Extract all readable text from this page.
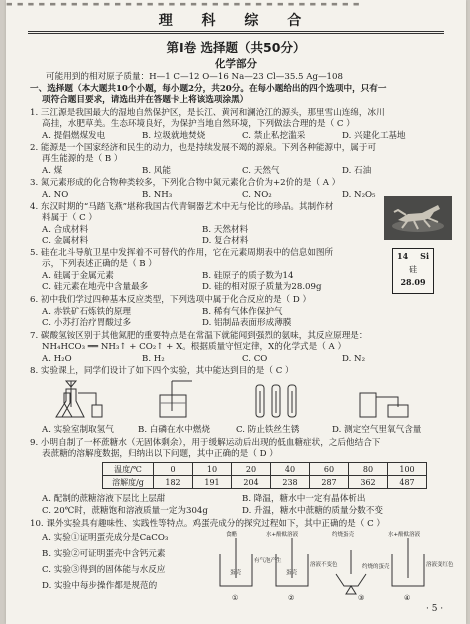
▬ ▬ ▬ ▬ ▬ ▬ ▬ ▬ ▬ ▬ ▬ ▬ ▬ ▬ ▬ ▬ ▬ ▬ ▬ ▬ ▬ ▬ ▬ ▬ ▬ ▬ ▬ ▬ ▬ ▬ ▬ ▬ ▬
理 科 综 合
第Ⅰ卷 选择题（共50分）
化学部分
可能用到的相对原子质量：H—1 C—12 O—16 Na—23 Cl—35.5 Ag—108
一、选择题（本大题共10个小题，每小题2分，共20分。在每小题给出的四个选项中，只有一
项符合题目要求，请选出并在答题卡上将该选项涂黑）
1. 三江源是我国最大的湿地自然保护区，是长江、黄河和澜沧江的源头，那里雪山连绵，冰川
高挂，水肥草美。生态环境良好，为保护当地自然环境，下列做法合理的是（ C ）
A. 提倡燃煤发电	B. 垃圾就地焚烧	C. 禁止私挖滥采	D. 兴建化工基地
2. 能源是一个国家经济和民生的动力，也是持续发展不竭的源泉。下列各种能源中，属于可
再生能源的是（ B ）
A. 煤	B. 风能	C. 天然气	D. 石油
3. 氮元素形成的化合物种类较多，下列化合物中氮元素化合价为+2价的是（ A ）
A. NO	B. NH₃	C. NO₂	D. N₂O₅
4. 东汉时期的“马踏飞燕”堪称我国古代青铜器艺术中无与伦比的珍品。其制作材
料属于（ C ）
A. 合成材料	B. 天然材料
C. 金属材料	D. 复合材料
5. 硅在北斗导航卫星中发挥着不可替代的作用，它在元素周期表中的信息如图所
示，下列表述正确的是（ B ）
A. 硅属于金属元素	B. 硅原子的质子数为14
C. 硅元素在地壳中含量最多	D. 硅的相对原子质量为28.09g
14 Si
硅
28.09
6. 初中我们学过四种基本反应类型，下列选项中属于化合反应的是（ D ）
A. 赤铁矿石炼铁的原理	B. 稀有气体作保护气
C. 小苏打治疗胃酸过多	D. 铝制品表面形成薄膜
7. 碳酸氢铵区别于其他氮肥的重要特点是在常温下就能闻到强烈的氨味，其反应原理是：
NH₄HCO₃ ══ NH₃↑ + CO₂↑ + X。根据质量守恒定律，X的化学式是（ A ）
A. H₂O	B. H₂	C. CO	D. N₂
8. 实验课上，同学们设计了如下四个实验，其中能达到目的是（ C ）
A. 实验室制取氢气	B. 白磷在水中燃烧	C. 防止铁丝生锈	D. 测定空气里氧气含量
9. 小明自制了一杯蔗糖水（无固体剩余），用于缓解运动后出现的低血糖症状，之后他结合下
表蔗糖的溶解度数据，归纳出以下问题，其中正确的是（ D ）
温度/℃	0	10	20	40	60	80	100
溶解度/g	182	191	204	238	287	362	487
A. 配制的蔗糖溶液下层比上层甜	B. 降温，糖水中一定有晶体析出
C. 20℃时，蔗糖饱和溶液质量一定为304g	D. 升温，糖水中蔗糖的质量分数不变
10. 课外实验具有趣味性、实践性等特点。鸡蛋壳成分的探究过程如下，其中正确的是（ C ）
A. 实验①证明蛋壳成分是CaCO₃
B. 实验②可证明蛋壳中含钙元素
C. 实验③得到的固体能与水反应
D. 实验中每步操作都是规范的
食醋	水+酚酞溶液	约烧蛋壳	水+酚酞溶液
有气泡产生
蛋壳
溶液不变色
蛋壳
溶液变红色
约烧的蛋壳
①	②	③	④
· 5 ·
